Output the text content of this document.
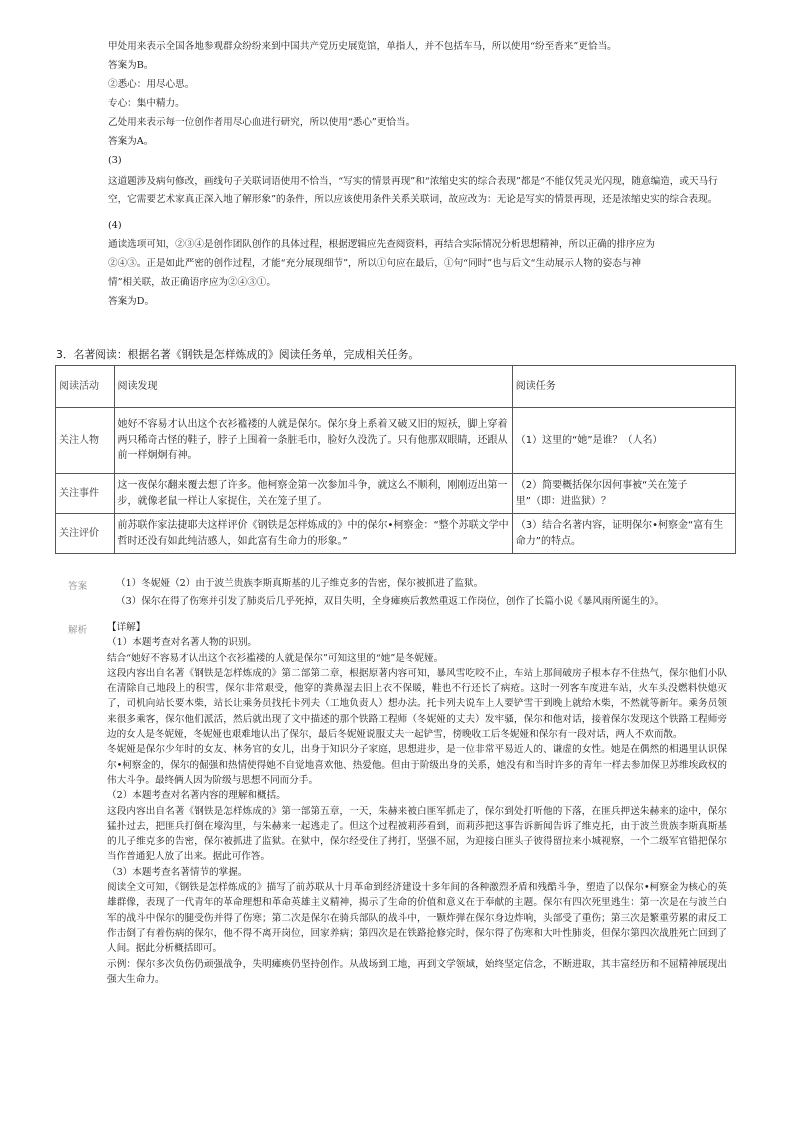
甲处用来表示全国各地参观群众纷纷来到中国共产党历史展览馆，单指人，并不包括车马，所以使用“纷至沓来”更恰当。
答案为B。
②悉心：用尽心思。
专心：集中精力。
乙处用来表示每一位创作者用尽心血进行研究，所以使用“悉心”更恰当。
答案为A。
(3)
这道题涉及病句修改，画线句子关联词语使用不恰当，“写实的情景再现”和“浓缩史实的综合表现”都是“不能仅凭灵光闪现，随意编造，或天马行空，它需要艺术家真正深入地了解形象”的条件，所以应该使用条件关系关联词，故应改为：无论是写实的情景再现，还是浓缩史实的综合表现。
(4)
通读选项可知，②③④是创作团队创作的具体过程，根据逻辑应先查阅资料，再结合实际情况分析思想精神，所以正确的排序应为
②④③。正是如此严密的创作过程，才能“充分展现细节”，所以①句应在最后，①句“同时”也与后文“生动展示人物的姿态与神
情”相关联，故正确语序应为②④③①。
答案为D。
3．名著阅读：根据名著《钢铁是怎样炼成的》阅读任务单，完成相关任务。
阅读活动	阅读发现	阅读任务
关注人物	她好不容易才认出这个衣衫褴褛的人就是保尔。保尔身上系着又破又旧的短袄，脚上穿着两只稀奇古怪的鞋子，脖子上围着一条脏毛巾，脸好久没洗了。只有他那双眼睛，还跟从前一样炯炯有神。	（1）这里的“她”是谁？（人名）
关注事件	这一夜保尔翻来覆去想了许多。他柯察金第一次参加斗争，就这么不顺利，刚刚迈出第一步，就像老鼠一样让人家捉住，关在笼子里了。	（2）简要概括保尔因何事被“关在笼子里”（即：进监狱）？
关注评价	前苏联作家法捷耶夫这样评价《钢铁是怎样炼成的》中的保尔•柯察金：“整个苏联文学中哲时还没有如此纯洁感人，如此富有生命力的形象。”	（3）结合名著内容，证明保尔•柯察金“富有生命力”的特点。
答案	（1）冬妮娅（2）由于波兰贵族李斯真斯基的儿子维克多的告密，保尔被抓进了监狱。
（3）保尔在得了伤寒并引发了肺炎后几乎死掉，双目失明，全身瘫痪后教然重返工作岗位，创作了长篇小说《暴风雨所诞生的》。
解析 【详解】

（1）本题考查对名著人物的识别。

结合“她好不容易才认出这个衣衫褴褛的人就是保尔”可知这里的“她”是冬妮娅。

这段内容出自名著《钢铁是怎样炼成的》第二部第二章，根据原著内容可知，暴风雪吃咬不止，车站上那间破房子根本存不住热气，保尔他们小队在清除自己地段上的积雪，保尔非常艰受，他穿的粪鼻湿去旧上衣不保暖，鞋也不行还长了病疮。这时一列客车度进车站，火车头没燃料快熄灭了，司机向站长要木柴，站长让乘务员找托卡列夫（工地负责人）想办法。托卡列夫说车上人要铲雪干到晚上就给木柴，不然就等新年。乘务员领来很多乘客，保尔他们派活，然后就出现了文中描述的那个铁路工程师（冬妮娅的丈夫）发牢骚，保尔和他对话，接着保尔发现这个铁路工程师旁边的女人是冬妮娅，冬妮娅也艰难地认出了保尔，最后冬妮娅说服丈夫一起铲雪，傍晚收工后冬妮娅和保尔有一段对话，两人不欢而散。

冬妮娅是保尔少年时的女友、林务官的女儿，出身于知识分子家庭，思想进步，是一位非常平易近人的、谦虚的女性。她是在偶然的相遇里认识保尔•柯察金的，保尔的倔强和热情使得她不自觉地喜欢他、热爱他。但由于阶级出身的关系，她没有和当时许多的青年一样去参加保卫苏维埃政权的伟大斗争。最终俩人因为阶级与思想不同而分手。

（2）本题考查对名著内容的理解和概括。

这段内容出自名著《钢铁是怎样炼成的》第一部第五章，一天，朱赫来被白匪军抓走了，保尔到处打听他的下落，在匪兵押送朱赫来的途中，保尔猛扑过去，把匪兵打倒在壕沟里，与朱赫来一起逃走了。但这个过程被莉莎看到，而莉莎把这事告诉新闻告诉了维克托，由于波兰贵族李斯真斯基的儿子维克多的告密，保尔被抓进了监狱。在狱中，保尔经受住了拷打，坚强不屈，为迎接白匪头子彼得留拉来小城视察，一个二级军官错把保尔当作普通犯人放了出来。据此可作答。

（3）本题考查名著情节的掌握。

阅读全文可知，《钢铁是怎样炼成的》描写了前苏联从十月革命到经济建设十多年间的各种激烈矛盾和残酷斗争，塑造了以保尔•柯察金为核心的英雄群像，表现了一代青年的革命理想和革命英雄主义精神，揭示了生命的价值和意义在于奉献的主题。保尔有四次死里逃生：第一次是在与波兰白军的战斗中保尔的腿受伤并得了伤寒；第二次是保尔在骑兵部队的战斗中，一颗炸弹在保尔身边炸响，头部受了重伤；第三次是繁重劳累的肃反工作击倒了有着伤病的保尔，他不得不离开岗位，回家养病；第四次是在铁路抢修完时，保尔得了伤寒和大叶性肺炎，但保尔第四次战胜死亡回到了人间。据此分析概括即可。

示例：保尔多次负伤仍顽强战争，失明瘫痪仍坚持创作。从战场到工地，再到文学领域，始终坚定信念，不断进取，其丰富经历和不屈精神展现出强大生命力。
